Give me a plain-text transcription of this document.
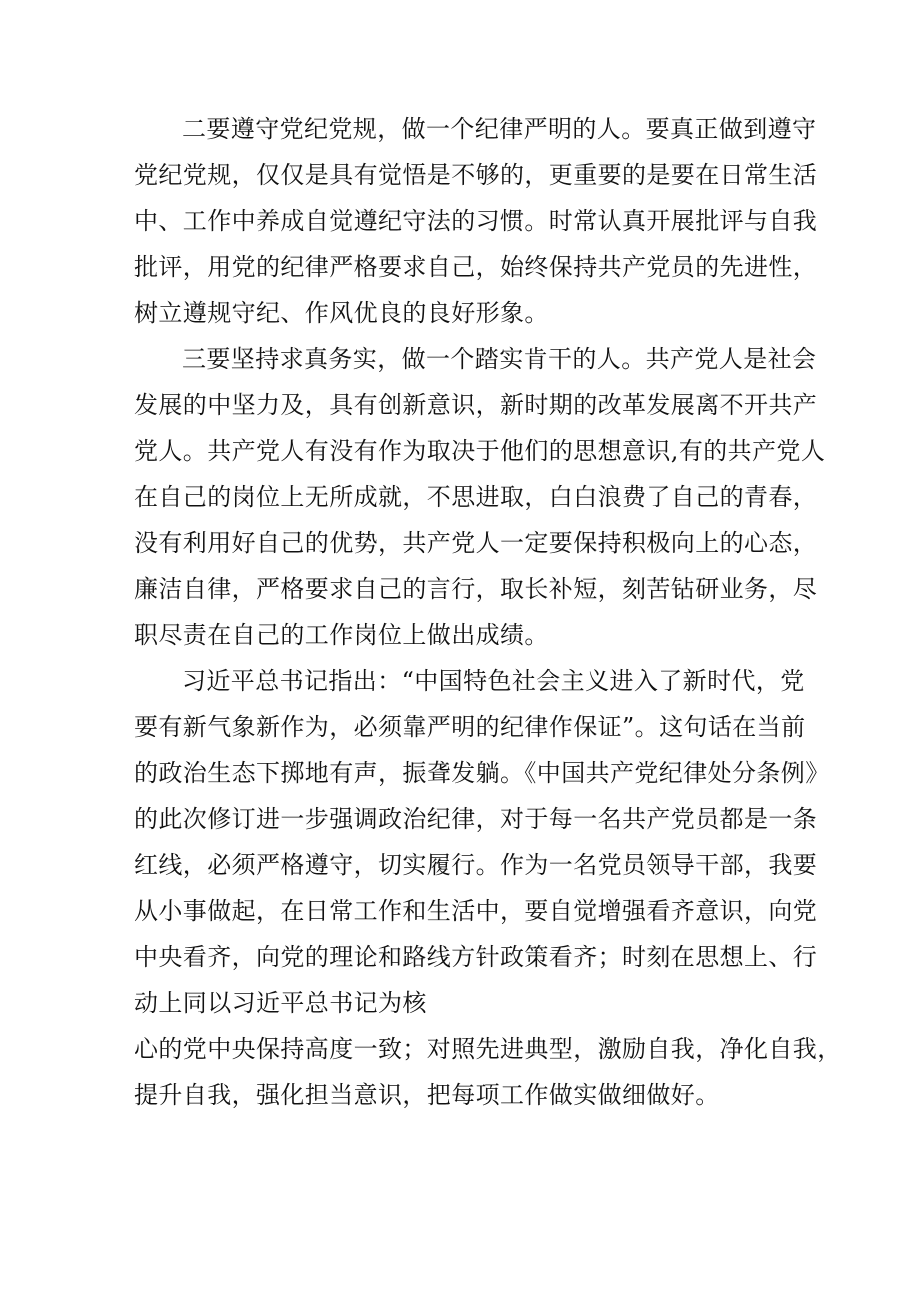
二要遵守党纪党规，做一个纪律严明的人。要真正做到遵守
党纪党规，仅仅是具有觉悟是不够的，更重要的是要在日常生活
中、工作中养成自觉遵纪守法的习惯。时常认真开展批评与自我
批评，用党的纪律严格要求自己，始终保持共产党员的先进性，
树立遵规守纪、作风优良的良好形象。
三要坚持求真务实，做一个踏实肯干的人。共产党人是社会
发展的中坚力及，具有创新意识，新时期的改革发展离不开共产
党人。共产党人有没有作为取决于他们的思想意识,有的共产党人
在自己的岗位上无所成就，不思进取，白白浪费了自己的青春，
没有利用好自己的优势，共产党人一定要保持积极向上的心态，
廉洁自律，严格要求自己的言行，取长补短，刻苦钻研业务，尽
职尽责在自己的工作岗位上做出成绩。
习近平总书记指出：“中国特色社会主义进入了新时代，党
要有新气象新作为，必须靠严明的纪律作保证”。这句话在当前
的政治生态下掷地有声，振聋发躺。《中国共产党纪律处分条例》
的此次修订进一步强调政治纪律，对于每一名共产党员都是一条
红线，必须严格遵守，切实履行。作为一名党员领导干部，我要
从小事做起，在日常工作和生活中，要自觉增强看齐意识，向党
中央看齐，向党的理论和路线方针政策看齐；时刻在思想上、行
动上同以习近平总书记为核
心的党中央保持高度一致；对照先进典型，激励自我，净化自我，
提升自我，强化担当意识，把每项工作做实做细做好。
